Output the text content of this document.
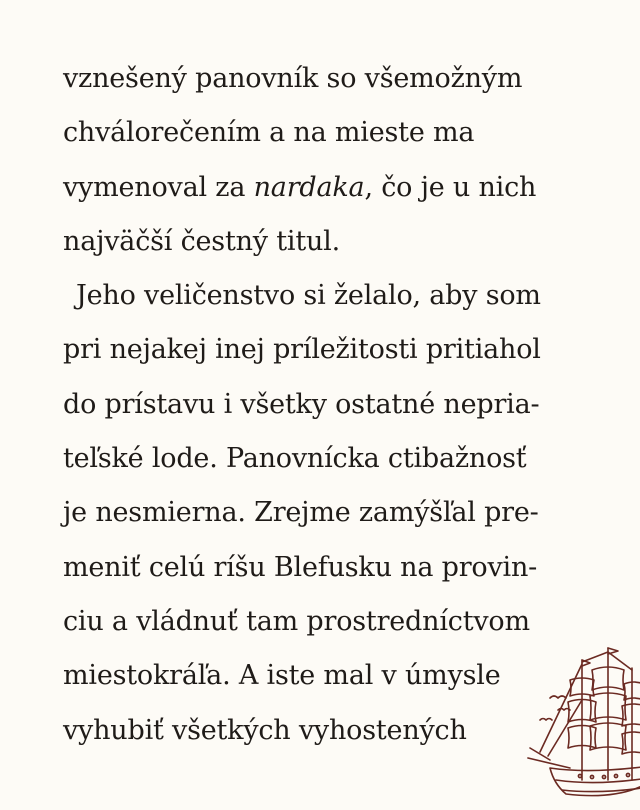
vznešený panovník so všemožným
chválorečením a na mieste ma
vymenoval za nardaka, čo je u nich
najväčší čestný titul.
Jeho veličenstvo si želalo, aby som
pri nejakej inej príležitosti pritiahol
do prístavu i všetky ostatné nepria-
teľské lode. Panovnícka ctibažnosť
je nesmierna. Zrejme zamýšľal pre-
meniť celú ríšu Blefusku na provin-
ciu a vládnuť tam prostredníctvom
miestokráľa. A iste mal v úmysle
vyhubiť všetkých vyhostených
